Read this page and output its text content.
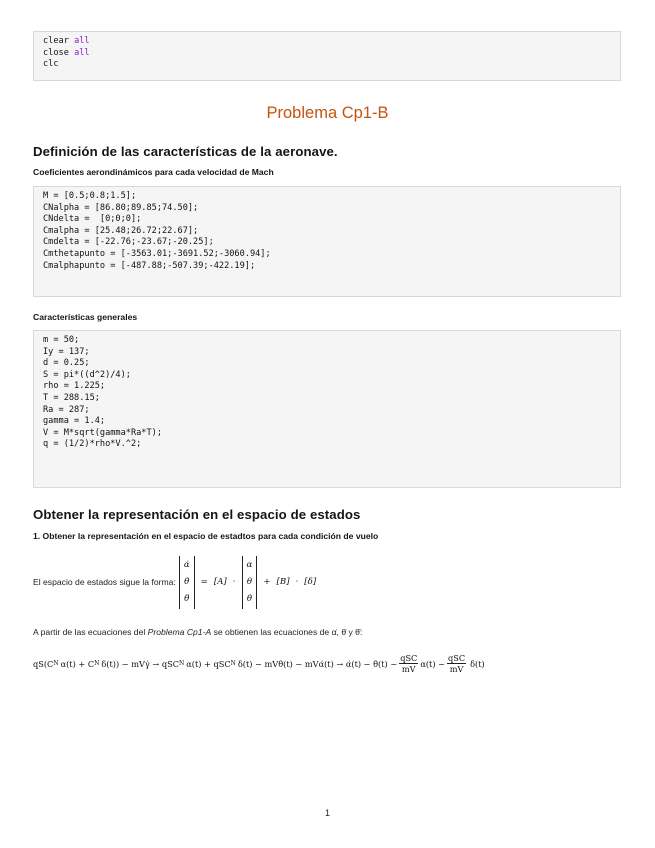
clear all
close all
clc
Problema Cp1-B
Definición de las características de la aeronave.
Coeficientes aerondinámicos para cada velocidad de Mach
M = [0.5;0.8;1.5];
CNalpha = [86.80;89.85;74.50];
CNdelta =  [0;0;0];
Cmalpha = [25.48;26.72;22.67];
Cmdelta = [-22.76;-23.67;-20.25];
Cmthetapunto = [-3563.01;-3691.52;-3060.94];
Cmalphapunto = [-487.88;-507.39;-422.19];
Características generales
m = 50;
Iy = 137;
d = 0.25;
S = pi*((d^2)/4);
rho = 1.225;
T = 288.15;
Ra = 287;
gamma = 1.4;
V = M*sqrt(gamma*Ra*T);
q = (1/2)*rho*V.^2;
Obtener la representación en el espacio de estados
1. Obtener la representación en el espacio de estadtos para cada condición de vuelo
El espacio de estados sigue la forma:
α̇
θ̇
θ̈
= [A] ·
α
θ
θ̇
+ [B] · [δ]
A partir de las ecuaciones del Problema Cp1-A se obtienen las ecuaciones de α̇, θ̇ y θ̈:
qS(C N α(t) + C N δ(t)) − mVγ̇ → qSC N α(t) + qSC N δ(t) − mVθ̇(t) − mVα̇(t) → α̇(t) − θ̇(t) − $\frac{\text{qSC}}{mV} \alpha(t) - \frac{\text{qSC}}{mV} \delta(t)$
1
